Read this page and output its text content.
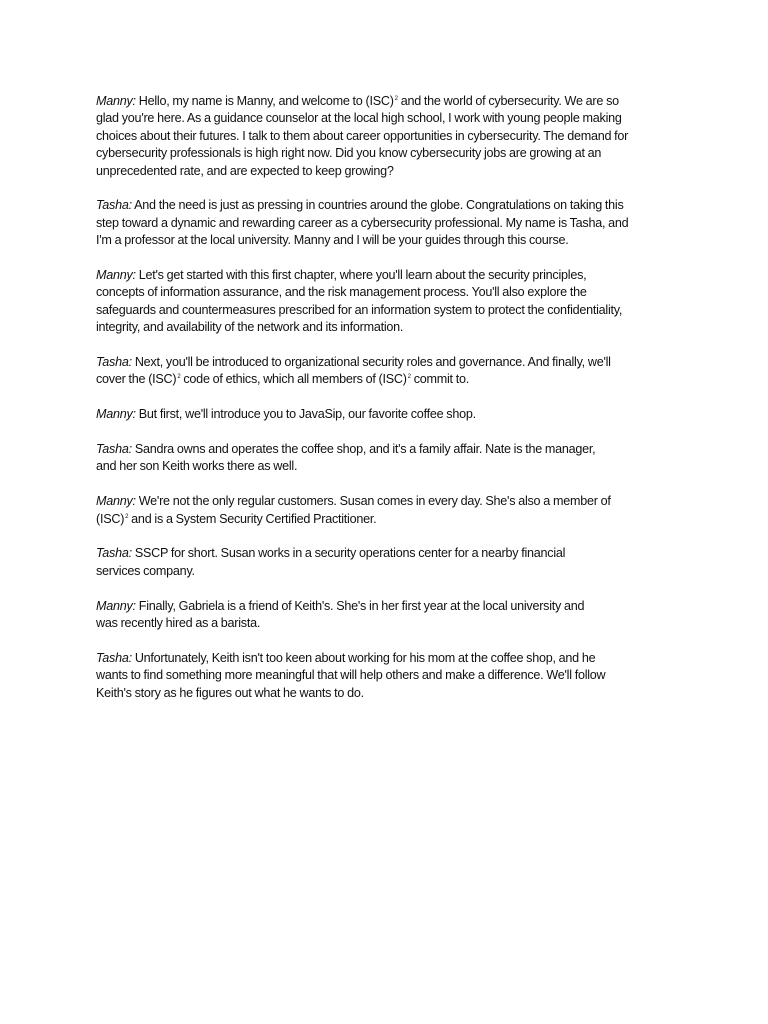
Manny: Hello, my name is Manny, and welcome to (ISC)$^2$ and the world of cybersecurity. We are so
glad you're here. As a guidance counselor at the local high school, I work with young people making
choices about their futures. I talk to them about career opportunities in cybersecurity. The demand for
cybersecurity professionals is high right now. Did you know cybersecurity jobs are growing at an
unprecedented rate, and are expected to keep growing?
Tasha: And the need is just as pressing in countries around the globe. Congratulations on taking this
step toward a dynamic and rewarding career as a cybersecurity professional. My name is Tasha, and
I'm a professor at the local university. Manny and I will be your guides through this course.
Manny: Let's get started with this first chapter, where you'll learn about the security principles,
concepts of information assurance, and the risk management process. You'll also explore the
safeguards and countermeasures prescribed for an information system to protect the confidentiality,
integrity, and availability of the network and its information.
Tasha: Next, you'll be introduced to organizational security roles and governance. And finally, we'll
cover the (ISC)$^2$ code of ethics, which all members of (ISC)$^2$ commit to.
Manny: But first, we'll introduce you to JavaSip, our favorite coffee shop.
Tasha: Sandra owns and operates the coffee shop, and it's a family affair. Nate is the manager,
and her son Keith works there as well.
Manny: We're not the only regular customers. Susan comes in every day. She's also a member of
(ISC)$^2$ and is a System Security Certified Practitioner.
Tasha: SSCP for short. Susan works in a security operations center for a nearby financial
services company.
Manny: Finally, Gabriela is a friend of Keith's. She's in her first year at the local university and
was recently hired as a barista.
Tasha: Unfortunately, Keith isn't too keen about working for his mom at the coffee shop, and he
wants to find something more meaningful that will help others and make a difference. We'll follow
Keith's story as he figures out what he wants to do.
